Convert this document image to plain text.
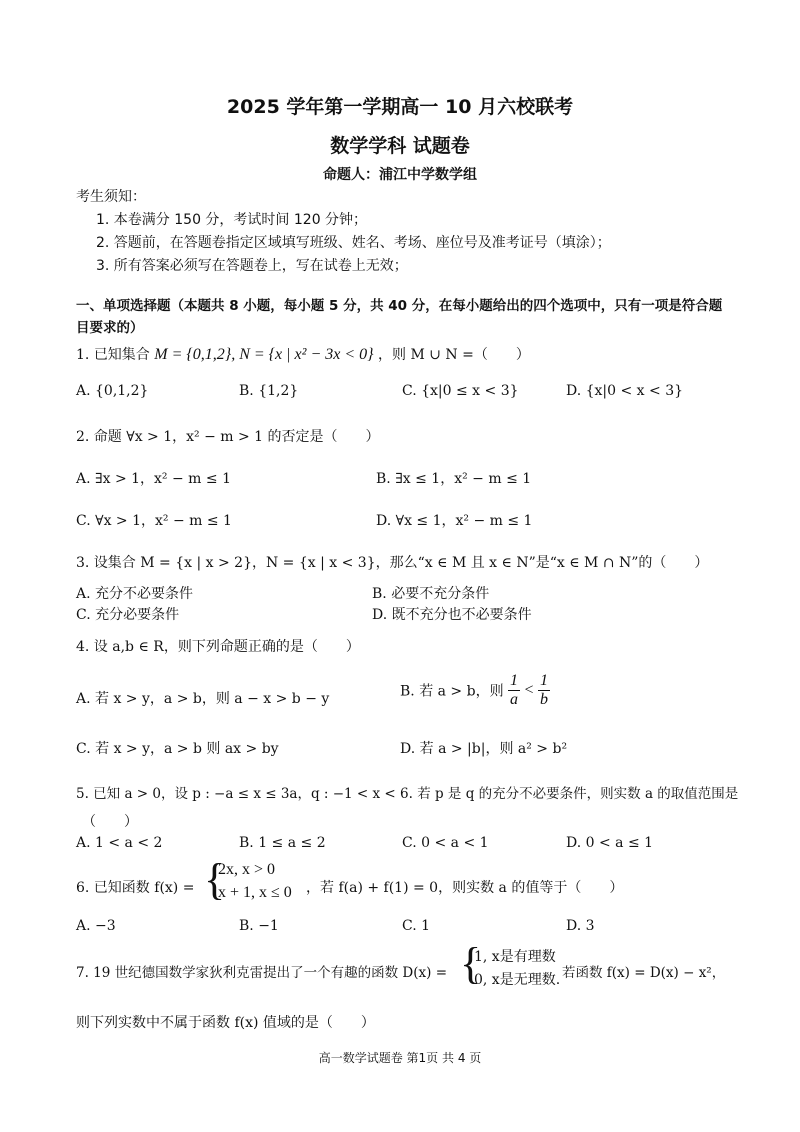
2025 学年第一学期高一 10 月六校联考
数学学科 试题卷
命题人：浦江中学数学组
考生须知：
1. 本卷满分 150 分，考试时间 120 分钟；
2. 答题前，在答题卷指定区域填写班级、姓名、考场、座位号及准考证号（填涂）；
3. 所有答案必须写在答题卷上，写在试卷上无效；
一、单项选择题（本题共 8 小题，每小题 5 分，共 40 分，在每小题给出的四个选项中，只有一项是符合题
目要求的）
1. 已知集合 M = {0,1,2}, N = {x | x² − 3x < 0} ，则 M ∪ N =（　　）
A. {0,1,2}	B. {1,2}	C. {x|0 ≤ x < 3}	D. {x|0 < x < 3}
2. 命题 ∀x > 1，x² − m > 1 的否定是（　　）
A. ∃x > 1，x² − m ≤ 1	B. ∃x ≤ 1，x² − m ≤ 1
C. ∀x > 1，x² − m ≤ 1	D. ∀x ≤ 1，x² − m ≤ 1
3. 设集合 M = {x | x > 2}，N = {x | x < 3}，那么“x ∈ M 且 x ∈ N”是“x ∈ M ∩ N”的（　　）
A. 充分不必要条件	B. 必要不充分条件
C. 充分必要条件	D. 既不充分也不必要条件
4. 设 a,b ∈ R，则下列命题正确的是（　　）
A. 若 x > y，a > b，则 a − x > b − y	B. 若 a > b，则 $\frac{1}{a} < \frac{1}{b}$
C. 若 x > y，a > b 则 ax > by	D. 若 a > |b|，则 a² > b²
5. 已知 a > 0，设 p : −a ≤ x ≤ 3a，q : −1 < x < 6. 若 p 是 q 的充分不必要条件，则实数 a 的取值范围是
（　　）
A. 1 < a < 2	B. 1 ≤ a ≤ 2	C. 0 < a < 1	D. 0 < a ≤ 1
6. 已知函数 f(x) = {
2x, x > 0
x + 1, x ≤ 0 ，若 f(a) + f(1) = 0，则实数 a 的值等于（　　）
A. −3	B. −1	C. 1	D. 3
7. 19 世纪德国数学家狄利克雷提出了一个有趣的函数 D(x) = {
1, x是有理数
0, x是无理数. 若函数 f(x) = D(x) − x²，
则下列实数中不属于函数 f(x) 值域的是（　　）
高一数学试题卷 第1页 共 4 页
